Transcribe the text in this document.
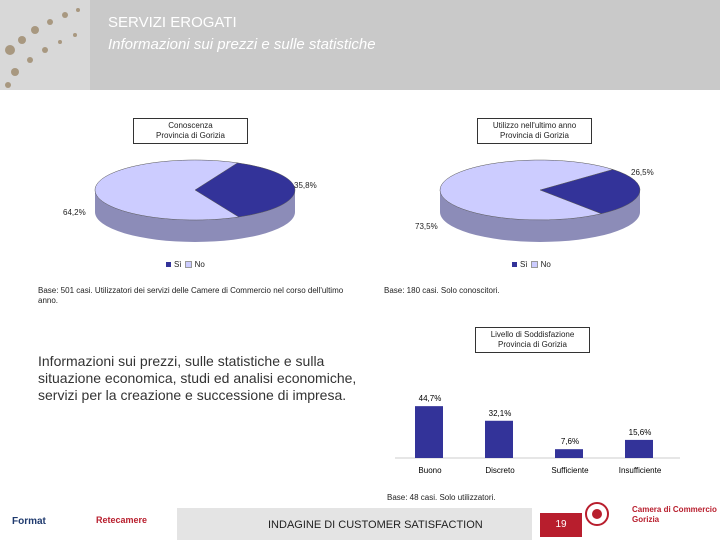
SERVIZI EROGATI
Informazioni sui prezzi e sulle statistiche
Conoscenza
Provincia di Gorizia
35,8%
64,2%
Sì No
Base: 501 casi. Utilizzatori dei servizi delle Camere di Commercio nel corso dell'ultimo anno.
Utilizzo nell'ultimo anno
Provincia di Gorizia
26,5%
73,5%
Sì No
Base: 180 casi. Solo conoscitori.
Informazioni sui prezzi, sulle statistiche e sulla situazione economica, studi ed analisi economiche, servizi per la creazione e successione di impresa.
Livello di Soddisfazione
Provincia di Gorizia
44,7%
Buono
32,1%
Discreto
7,6%
Sufficiente
15,6%
Insufficiente
Base: 48 casi. Solo utilizzatori.
Format	Retecamere	INDAGINE DI CUSTOMER SATISFACTION	19
Camera di Commercio Gorizia
